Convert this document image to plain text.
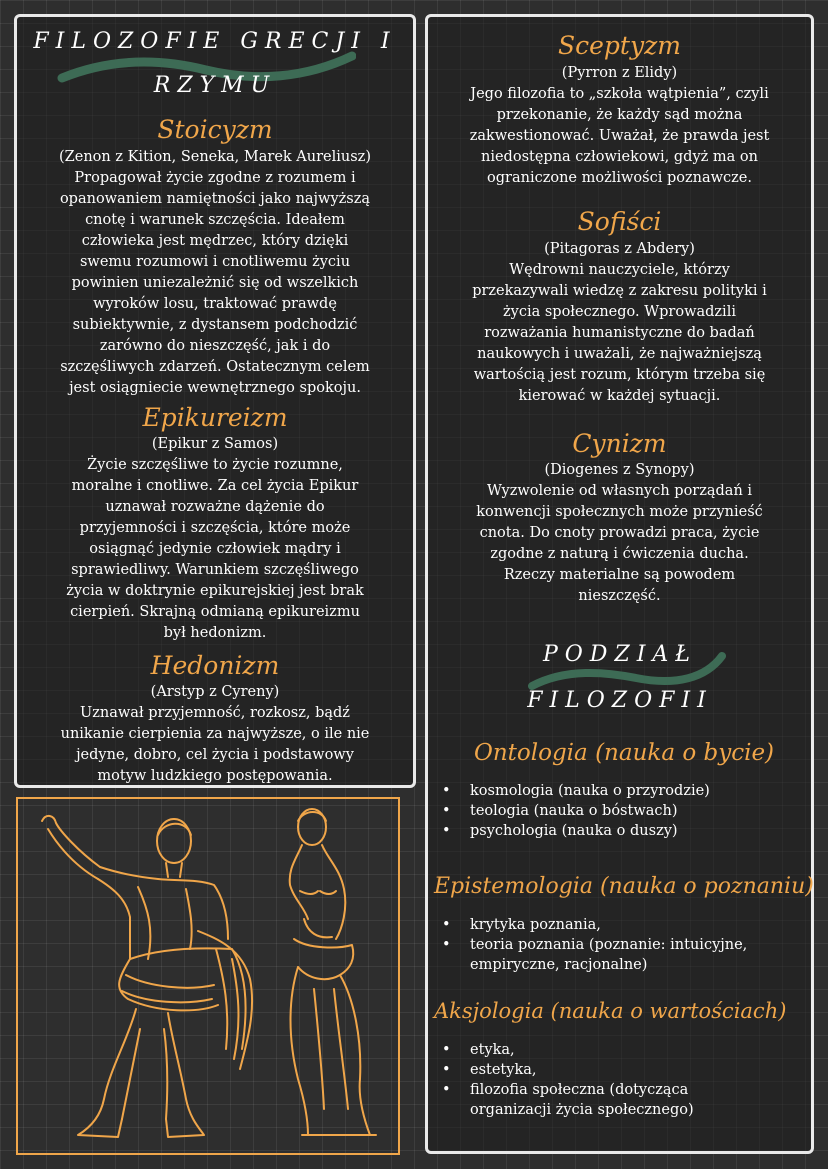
FILOZOFIE GRECJI I
RZYMU
Stoicyzm
(Zenon z Kition, Seneka, Marek Aureliusz)
Propagował życie zgodne z rozumem i
opanowaniem namiętności jako najwyższą
cnotę i warunek szczęścia. Ideałem
człowieka jest mędrzec, który dzięki
swemu rozumowi i cnotliwemu życiu
powinien uniezależnić się od wszelkich
wyroków losu, traktować prawdę
subiektywnie, z dystansem podchodzić
zarówno do nieszczęść, jak i do
szczęśliwych zdarzeń. Ostatecznym celem
jest osiągniecie wewnętrznego spokoju.
Epikureizm
(Epikur z Samos)
Życie szczęśliwe to życie rozumne,
moralne i cnotliwe. Za cel życia Epikur
uznawał rozważne dążenie do
przyjemności i szczęścia, które może
osiągnąć jedynie człowiek mądry i
sprawiedliwy. Warunkiem szczęśliwego
życia w doktrynie epikurejskiej jest brak
cierpień. Skrajną odmianą epikureizmu
był hedonizm.
Hedonizm
(Arstyp z Cyreny)
Uznawał przyjemność, rozkosz, bądź
unikanie cierpienia za najwyższe, o ile nie
jedyne, dobro, cel życia i podstawowy
motyw ludzkiego postępowania.
Sceptyzm
(Pyrron z Elidy)
Jego filozofia to „szkoła wątpienia”, czyli
przekonanie, że każdy sąd można
zakwestionować. Uważał, że prawda jest
niedostępna człowiekowi, gdyż ma on
ograniczone możliwości poznawcze.
Sofiści
(Pitagoras z Abdery)
Wędrowni nauczyciele, którzy
przekazywali wiedzę z zakresu polityki i
życia społecznego. Wprowadzili
rozważania humanistyczne do badań
naukowych i uważali, że najważniejszą
wartością jest rozum, którym trzeba się
kierować w każdej sytuacji.
Cynizm
(Diogenes z Synopy)
Wyzwolenie od własnych porządań i
konwencji społecznych może przynieść
cnota. Do cnoty prowadzi praca, życie
zgodne z naturą i ćwiczenia ducha.
Rzeczy materialne są powodem
nieszczęść.
PODZIAŁ
FILOZOFII
Ontologia (nauka o bycie)
• kosmologia (nauka o przyrodzie)
• teologia (nauka o bóstwach)
• psychologia (nauka o duszy)
Epistemologia (nauka o poznaniu)
• krytyka poznania,
• teoria poznania (poznanie: intuicyjne, empiryczne, racjonalne)
Aksjologia (nauka o wartościach)
• etyka,
• estetyka,
• filozofia społeczna (dotycząca organizacji życia społecznego)
